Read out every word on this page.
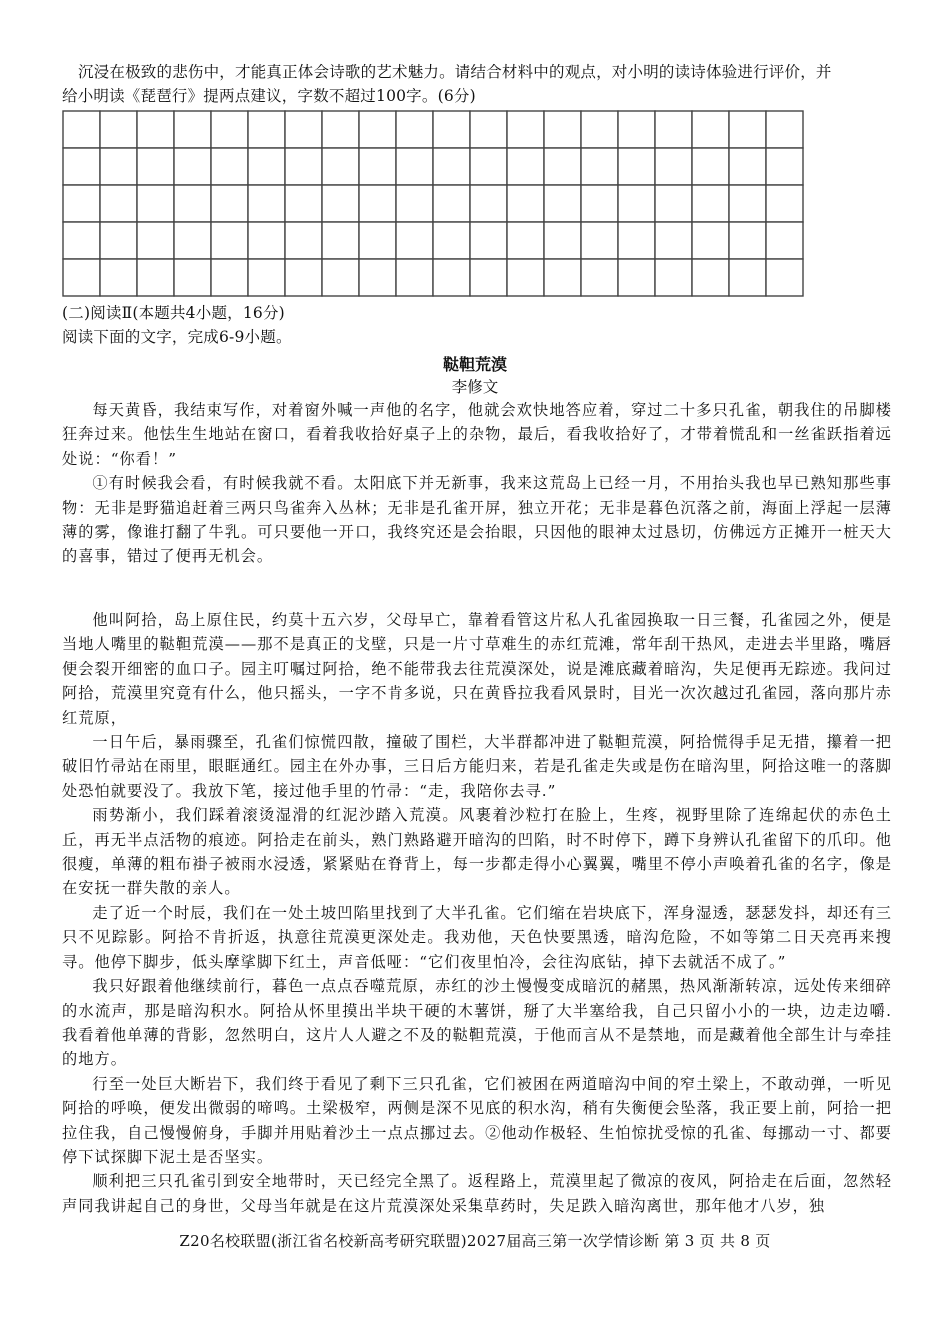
沉浸在极致的悲伤中，才能真正体会诗歌的艺术魅力。请结合材料中的观点，对小明的读诗体验进行评价，并
给小明读《琵琶行》提两点建议，字数不超过100字。(6分)
(二)阅读Ⅱ(本题共4小题，16分)
阅读下面的文字，完成6-9小题。
鞑靼荒漠
李修文

每天黄昏，我结束写作，对着窗外喊一声他的名字，他就会欢快地答应着，穿过二十多只孔雀，朝我住的吊脚楼狂奔过来。他怯生生地站在窗口，看着我收拾好桌子上的杂物，最后，看我收拾好了，才带着慌乱和一丝雀跃指着远处说：“你看！”

①有时候我会看，有时候我就不看。太阳底下并无新事，我来这荒岛上已经一月，不用抬头我也早已熟知那些事物：无非是野猫追赶着三两只鸟雀奔入丛林；无非是孔雀开屏，独立开花；无非是暮色沉落之前，海面上浮起一层薄薄的雾，像谁打翻了牛乳。可只要他一开口，我终究还是会抬眼，只因他的眼神太过恳切，仿佛远方正摊开一桩天大的喜事，错过了便再无机会。

他叫阿拾，岛上原住民，约莫十五六岁，父母早亡，靠着看管这片私人孔雀园换取一日三餐，孔雀园之外，便是当地人嘴里的鞑靼荒漠——那不是真正的戈壁，只是一片寸草难生的赤红荒滩，常年刮干热风，走进去半里路，嘴唇便会裂开细密的血口子。园主叮嘱过阿拾，绝不能带我去往荒漠深处，说是滩底藏着暗沟，失足便再无踪迹。我问过阿拾，荒漠里究竟有什么，他只摇头，一字不肯多说，只在黄昏拉我看风景时，目光一次次越过孔雀园，落向那片赤红荒原，

一日午后，暴雨骤至，孔雀们惊慌四散，撞破了围栏，大半群都冲进了鞑靼荒漠，阿拾慌得手足无措，攥着一把破旧竹帚站在雨里，眼眶通红。园主在外办事，三日后方能归来，若是孔雀走失或是伤在暗沟里，阿拾这唯一的落脚处恐怕就要没了。我放下笔，接过他手里的竹帚：“走，我陪你去寻.”

雨势渐小，我们踩着滚烫湿滑的红泥沙踏入荒漠。风裹着沙粒打在脸上，生疼，视野里除了连绵起伏的赤色土丘，再无半点活物的痕迹。阿拾走在前头，熟门熟路避开暗沟的凹陷，时不时停下，蹲下身辨认孔雀留下的爪印。他很瘦，单薄的粗布褂子被雨水浸透，紧紧贴在脊背上，每一步都走得小心翼翼，嘴里不停小声唤着孔雀的名字，像是在安抚一群失散的亲人。

走了近一个时辰，我们在一处土坡凹陷里找到了大半孔雀。它们缩在岩块底下，浑身湿透，瑟瑟发抖，却还有三只不见踪影。阿拾不肯折返，执意往荒漠更深处走。我劝他，天色快要黑透，暗沟危险，不如等第二日天亮再来搜寻。他停下脚步，低头摩挲脚下红土，声音低哑：“它们夜里怕冷，会往沟底钻，掉下去就活不成了。”

我只好跟着他继续前行，暮色一点点吞噬荒原，赤红的沙土慢慢变成暗沉的赭黑，热风渐渐转凉，远处传来细碎的水流声，那是暗沟积水。阿拾从怀里摸出半块干硬的木薯饼，掰了大半塞给我，自己只留小小的一块，边走边嚼.我看着他单薄的背影，忽然明白，这片人人避之不及的鞑靼荒漠，于他而言从不是禁地，而是藏着他全部生计与牵挂的地方。

行至一处巨大断岩下，我们终于看见了剩下三只孔雀，它们被困在两道暗沟中间的窄土梁上，不敢动弹，一听见阿拾的呼唤，便发出微弱的啼鸣。土梁极窄，两侧是深不见底的积水沟，稍有失衡便会坠落，我正要上前，阿拾一把拉住我，自己慢慢俯身，手脚并用贴着沙土一点点挪过去。②他动作极轻、生怕惊扰受惊的孔雀、每挪动一寸、都要停下试探脚下泥土是否坚实。

顺利把三只孔雀引到安全地带时，天已经完全黑了。返程路上，荒漠里起了微凉的夜风，阿拾走在后面，忽然轻声同我讲起自己的身世，父母当年就是在这片荒漠深处采集草药时，失足跌入暗沟离世，那年他才八岁，独

Z20名校联盟(浙江省名校新高考研究联盟)2027届高三第一次学情诊断 第 3 页 共 8 页
